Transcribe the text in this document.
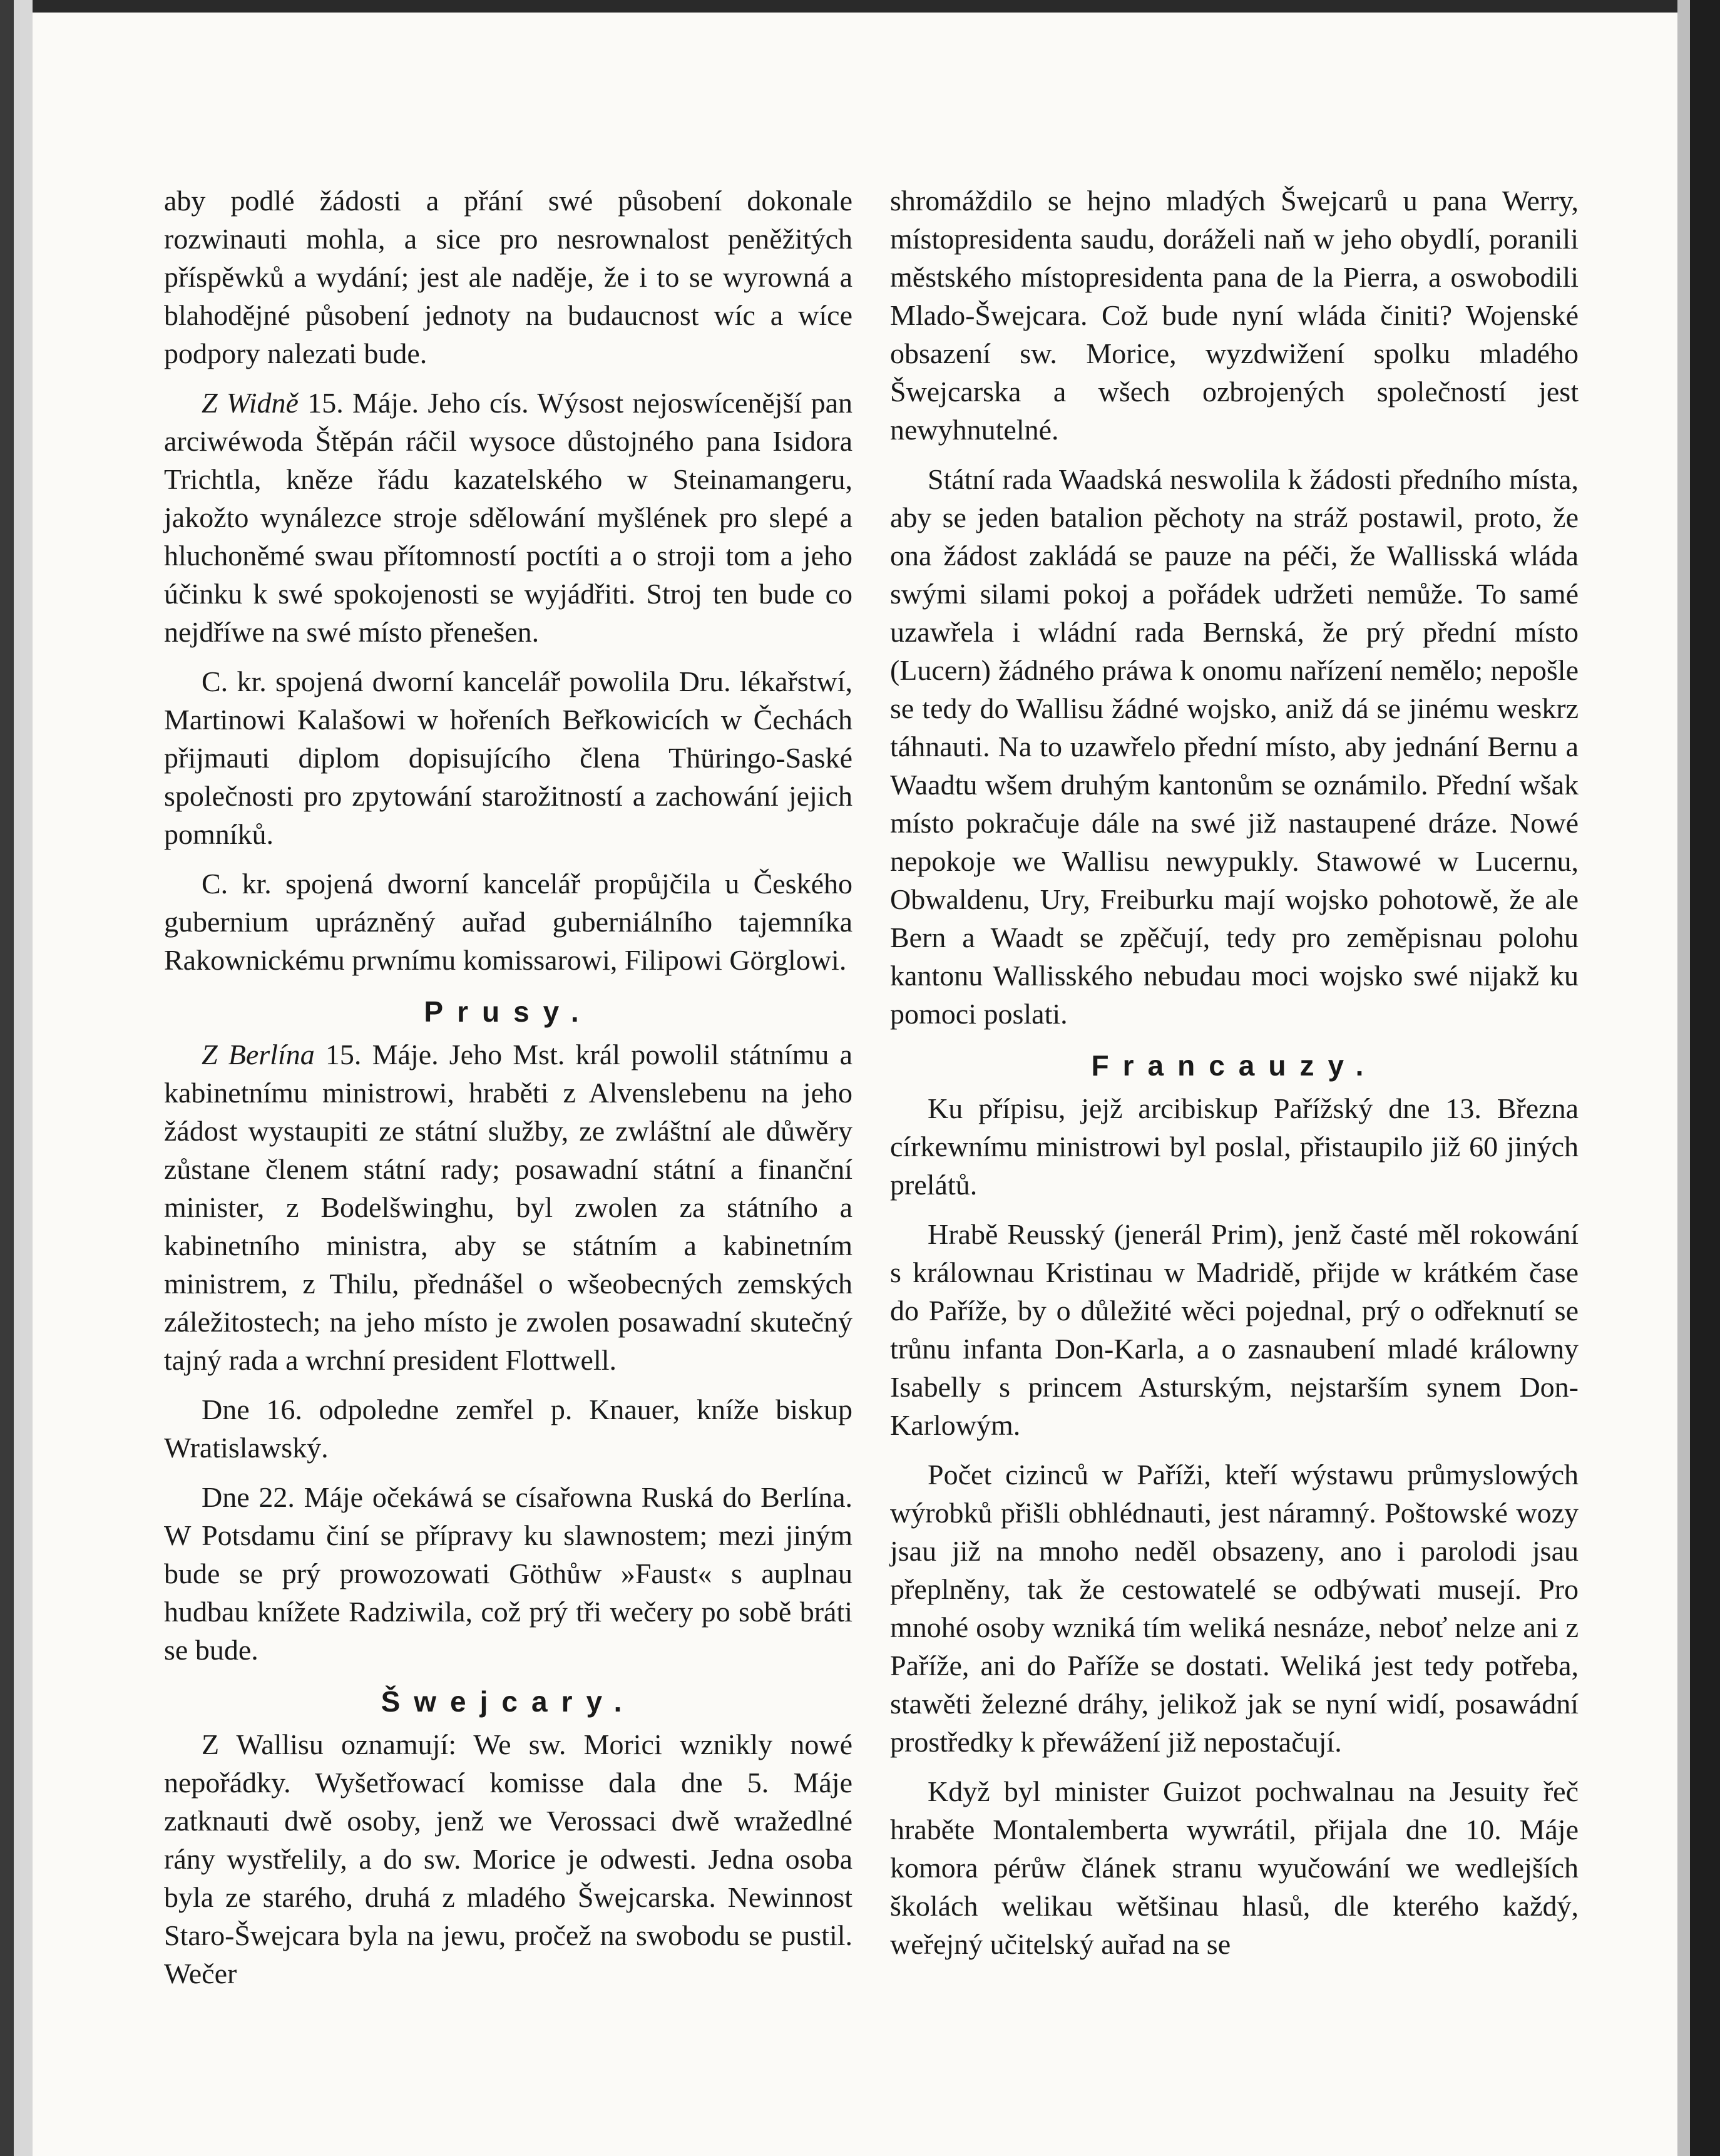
aby podlé žádosti a přání swé působení dokonale rozwinauti mohla, a sice pro nesrownalost peněžitých příspěwků a wydání; jest ale naděje, že i to se wyrowná a blahodějné působení jednoty na budaucnost wíc a wíce podpory nalezati bude.

Z Widně 15. Máje. Jeho cís. Wýsost nejoswícenější pan arciwéwoda Štěpán ráčil wysoce důstojného pana Isidora Trichtla, kněze řádu kazatelského w Steinamangeru, jakožto wynálezce stroje sdělowání myšlének pro slepé a hluchoněmé swau přítomností poctíti a o stroji tom a jeho účinku k swé spokojenosti se wyjádřiti. Stroj ten bude co nejdříwe na swé místo přenešen.

C. kr. spojená dworní kancelář powolila Dru. lékařstwí, Martinowi Kalašowi w hořeních Beřkowicích w Čechách přijmauti diplom dopisujícího člena Thüringo-Saské společnosti pro zpytowání starožitností a zachowání jejich pomníků.

C. kr. spojená dworní kancelář propůjčila u Českého gubernium uprázněný auřad guberniálního tajemníka Rakownickému prwnímu komissarowi, Filipowi Görglowi.

Prusy.

Z Berlína 15. Máje. Jeho Mst. král powolil státnímu a kabinetnímu ministrowi, hraběti z Alvenslebenu na jeho žádost wystaupiti ze státní služby, ze zwláštní ale důwěry zůstane členem státní rady; posawadní státní a finanční minister, z Bodelšwinghu, byl zwolen za státního a kabinetního ministra, aby se státním a kabinetním ministrem, z Thilu, přednášel o wšeobecných zemských záležitostech; na jeho místo je zwolen posawadní skutečný tajný rada a wrchní president Flottwell.

Dne 16. odpoledne zemřel p. Knauer, kníže biskup Wratislawský.

Dne 22. Máje očekáwá se císařowna Ruská do Berlína. W Potsdamu činí se přípravy ku slawnostem; mezi jiným bude se prý prowozowati Göthůw »Faust« s auplnau hudbau knížete Radziwila, což prý tři wečery po sobě bráti se bude.

Šwejcary.

Z Wallisu oznamují: We sw. Morici wznikly nowé nepořádky. Wyšetřowací komisse dala dne 5. Máje zatknauti dwě osoby, jenž we Verossaci dwě wražedlné rány wystřelily, a do sw. Morice je odwesti. Jedna osoba byla ze starého, druhá z mladého Šwejcarska. Newinnost Staro-Šwejcara byla na jewu, pročež na swobodu se pustil. Wečer

shromáždilo se hejno mladých Šwejcarů u pana Werry, místopresidenta saudu, doráželi naň w jeho obydlí, poranili městského místopresidenta pana de la Pierra, a oswobodili Mlado-Šwejcara. Což bude nyní wláda činiti? Wojenské obsazení sw. Morice, wyzdwižení spolku mladého Šwejcarska a wšech ozbrojených společností jest newyhnutelné.

Státní rada Waadská neswolila k žádosti předního místa, aby se jeden batalion pěchoty na stráž postawil, proto, že ona žádost zakládá se pauze na péči, že Wallisská wláda swými silami pokoj a pořádek udržeti nemůže. To samé uzawřela i wládní rada Bernská, že prý přední místo (Lucern) žádného práwa k onomu nařízení nemělo; nepošle se tedy do Wallisu žádné wojsko, aniž dá se jinému weskrz táhnauti. Na to uzawřelo přední místo, aby jednání Bernu a Waadtu wšem druhým kantonům se oznámilo. Přední wšak místo pokračuje dále na swé již nastaupené dráze. Nowé nepokoje we Wallisu newypukly. Stawowé w Lucernu, Obwaldenu, Ury, Freiburku mají wojsko pohotowě, že ale Bern a Waadt se zpěčují, tedy pro zeměpisnau polohu kantonu Wallisského nebudau moci wojsko swé nijakž ku pomoci poslati.

Francauzy.

Ku přípisu, jejž arcibiskup Pařížský dne 13. Března církewnímu ministrowi byl poslal, přistaupilo již 60 jiných prelátů.

Hrabě Reusský (jenerál Prim), jenž časté měl rokowání s králownau Kristinau w Madridě, přijde w krátkém čase do Paříže, by o důležité wěci pojednal, prý o odřeknutí se trůnu infanta Don-Karla, a o zasnaubení mladé králowny Isabelly s princem Asturským, nejstarším synem Don-Karlowým.

Počet cizinců w Paříži, kteří wýstawu průmyslowých wýrobků přišli obhlédnauti, jest náramný. Poštowské wozy jsau již na mnoho neděl obsazeny, ano i parolodi jsau přeplněny, tak že cestowatelé se odbýwati musejí. Pro mnohé osoby wzniká tím weliká nesnáze, neboť nelze ani z Paříže, ani do Paříže se dostati. Weliká jest tedy potřeba, stawěti železné dráhy, jelikož jak se nyní widí, posawádní prostředky k přewážení již nepostačují.

Když byl minister Guizot pochwalnau na Jesuity řeč hraběte Montalemberta wywrátil, přijala dne 10. Máje komora pérůw článek stranu wyučowání we wedlejších školách welikau wětšinau hlasů, dle kterého každý, weřejný učitelský auřad na se
